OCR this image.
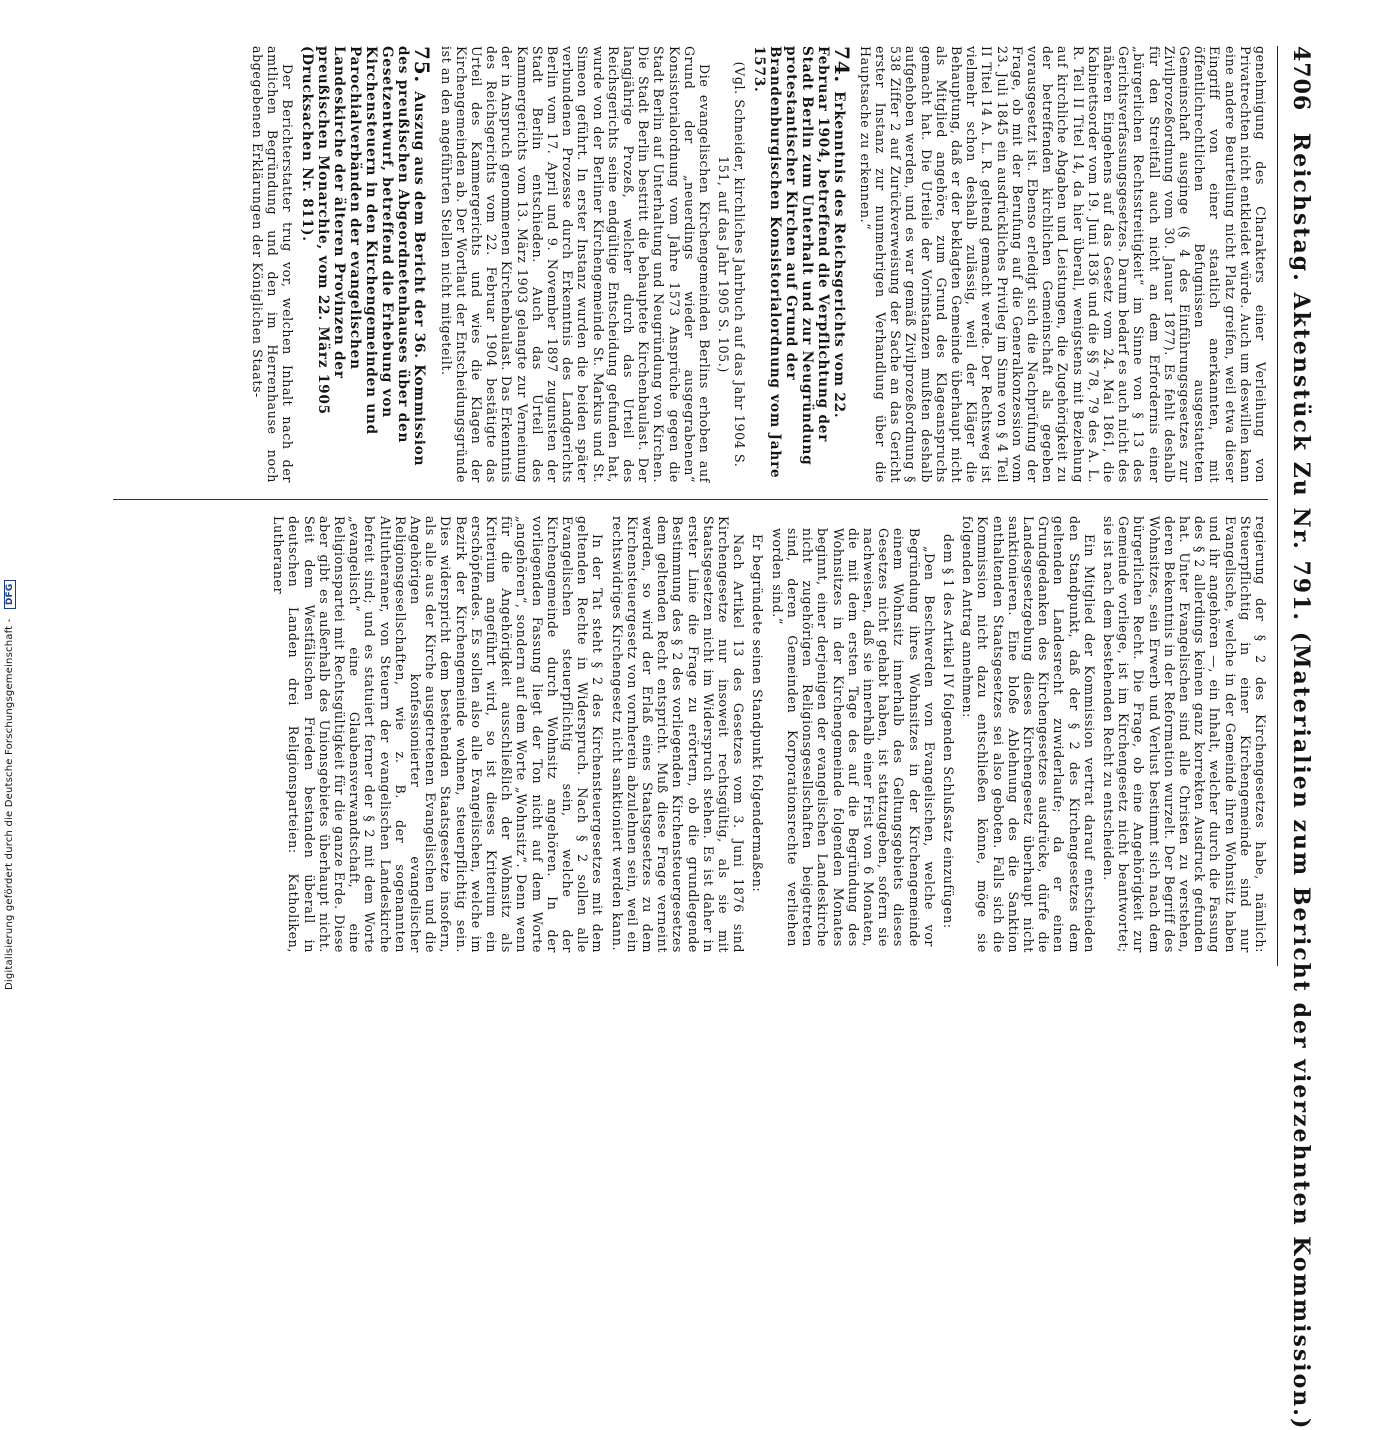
4706 Reichstag. Aktenstück Zu Nr. 791. (Materialien zum Bericht der vierzehnten Kommission.)

genehmigung des Charakters einer Verleihung von Privatrechten nicht entkleidet würde. Auch um deswillen kann eine andere Beurteilung nicht Platz greifen, weil etwa dieser Eingriff von einer staatlich anerkannten, mit öffentlichrechtlichen Befugnissen ausgestatteten Gemeinschaft ausginge (§ 4 des Einführungsgesetzes zur Zivilprozeßordnung vom 30. Januar 1877). Es fehlt deshalb für den Streitfall auch nicht an dem Erfordernis einer „bürgerlichen Rechtsstreitigkeit“ im Sinne von § 13 des Gerichtsverfassungsgesetzes. Darum bedarf es auch nicht des näheren Eingehens auf das Gesetz vom 24. Mai 1861, die Kabinettsorder vom 19. Juni 1836 und die §§ 78, 79 des A. L. R. Teil II Titel 14, da hier überall, wenigstens mit Beziehung auf kirchliche Abgaben und Leistungen, die Zugehörigkeit zu der betreffenden kirchlichen Gemeinschaft als gegeben vorausgesetzt ist. Ebenso erledigt sich die Nachprüfung der Frage, ob mit der Berufung auf die Generalkonzession vom 23. Juli 1845 ein ausdrückliches Privileg im Sinne von § 4 Teil II Titel 14 A. L. R. geltend gemacht werde. Der Rechtsweg ist vielmehr schon deshalb zulässig, weil der Kläger die Behauptung, daß er der beklagten Gemeinde überhaupt nicht als Mitglied angehöre, zum Grund des Klageanspruchs gemacht hat. Die Urteile der Vorinstanzen mußten deshalb aufgehoben werden, und es war gemäß Zivilprozeßordnung § 538 Ziffer 2 auf Zurückverweisung der Sache an das Gericht erster Instanz zur nunmehrigen Verhandlung über die Hauptsache zu erkennen.“

74.Erkenntnis des Reichsgerichts vom 22. Februar 1904, betreffend die Verpflichtung der Stadt Berlin zum Unterhalt und zur Neugründung protestantischer Kirchen auf Grund der Brandenburgischen Konsistorialordnung vom Jahre 1573.

(Vgl. Schneider, kirchliches Jahrbuch auf das Jahr 1904 S. 151, auf das Jahr 1905 S. 105.)

Die evangelischen Kirchengemeinden Berlins erhoben auf Grund der „neuerdings wieder ausgegrabenen“ Konsistorialordnung vom Jahre 1573 Ansprüche gegen die Stadt Berlin auf Unterhaltung und Neugründung von Kirchen. Die Stadt Berlin bestritt die behauptete Kirchenbaulast. Der langjährige Prozeß, welcher durch das Urteil des Reichsgerichts seine endgültige Entscheidung gefunden hat, wurde von der Berliner Kirchengemeinde St. Markus und St. Simeon geführt. In erster Instanz wurden die beiden später verbundenen Prozesse durch Erkenntnis des Landgerichts Berlin vom 17. April und 9. November 1897 zugunsten der Stadt Berlin entschieden. Auch das Urteil des Kammergerichts vom 13. März 1903 gelangte zur Verneinung der in Anspruch genommenen Kirchenbaulast. Das Erkenntnis des Reichsgerichts vom 22. Februar 1904 bestätigte das Urteil des Kammergerichts und wies die Klagen der Kirchengemeinden ab. Der Wortlaut der Entscheidungsgründe ist an den angeführten Stellen nicht mitgeteilt.

75.Auszug aus dem Bericht der 36. Kommission des preußischen Abgeordnetenhauses über den Gesetzentwurf, betreffend die Erhebung von Kirchensteuern in den Kirchengemeinden und Parochialverbänden der evangelischen Landeskirche der älteren Provinzen der preußischen Monarchie, vom 22. März 1905 (Drucksachen Nr. 811).

Der Berichterstatter trug vor, welchen Inhalt nach der amtlichen Begründung und den im Herrenhause noch abgegebenen Erklärungen der Königlichen Staats-

regierung der § 2 des Kirchengesetzes habe, nämlich: Steuerpflichtig in einer Kirchengemeinde sind nur Evangelische, welche in der Gemeinde ihren Wohnsitz haben und ihr angehören —, ein Inhalt, welcher durch die Fassung des § 2 allerdings keinen ganz korrekten Ausdruck gefunden hat. Unter Evangelischen sind alle Christen zu verstehen, deren Bekenntnis in der Reformation wurzelt. Der Begriff des Wohnsitzes, sein Erwerb und Verlust bestimmt sich nach dem bürgerlichen Recht. Die Frage, ob eine Angehörigkeit zur Gemeinde vorliege, ist im Kirchengesetz nicht beantwortet; sie ist nach dem bestehenden Recht zu entscheiden.

Ein Mitglied der Kommission vertrat darauf entschieden den Standpunkt, daß der § 2 des Kirchengesetzes dem geltenden Landesrecht zuwiderlaufe; da er einen Grundgedanken des Kirchengesetzes ausdrücke, dürfe die Landesgesetzgebung dieses Kirchengesetz überhaupt nicht sanktionieren. Eine bloße Ablehnung des die Sanktion enthaltenden Staatsgesetzes sei also geboten. Falls sich die Kommission nicht dazu entschließen könne, möge sie folgenden Antrag annehmen:

dem § 1 des Artikel IV folgenden Schlußsatz einzufügen:

„Den Beschwerden von Evangelischen, welche vor Begründung ihres Wohnsitzes in der Kirchengemeinde einem Wohnsitz innerhalb des Geltungsgebiets dieses Gesetzes nicht gehabt haben, ist stattzugeben, sofern sie nachweisen, daß sie innerhalb einer Frist von 6 Monaten, die mit dem ersten Tage des auf die Begründung des Wohnsitzes in der Kirchengemeinde folgenden Monates beginnt, einer derjenigen der evangelischen Landeskirche nicht zugehörigen Religionsgesellschaften beigetreten sind, deren Gemeinden Korporationsrechte verliehen worden sind.“

Er begründete seinen Standpunkt folgendermaßen:

Nach Artikel 13 des Gesetzes vom 3. Juni 1876 sind Kirchengesetze nur insoweit rechtsgültig, als sie mit Staatsgesetzen nicht im Widerspruch stehen. Es ist daher in erster Linie die Frage zu erörtern, ob die grundlegende Bestimmung des § 2 des vorliegenden Kirchensteuergesetzes dem geltenden Recht entspricht. Muß diese Frage verneint werden, so wird der Erlaß eines Staatsgesetzes zu dem Kirchensteuergesetz von vornherein abzulehnen sein, weil ein rechtswidriges Kirchengesetz nicht sanktioniert werden kann.

In der Tat steht § 2 des Kirchensteuergesetzes mit dem geltenden Rechte in Widerspruch. Nach § 2 sollen alle Evangelischen steuerpflichtig sein, welche der Kirchengemeinde durch Wohnsitz angehören. In der vorliegenden Fassung liegt der Ton nicht auf dem Worte „angehören“, sondern auf dem Worte „Wohnsitz“. Denn wenn für die Angehörigkeit ausschließlich der Wohnsitz als Kriterium angeführt wird, so ist dieses Kriterium ein erschöpfendes. Es sollen also alle Evangelischen, welche im Bezirk der Kirchengemeinde wohnen, steuerpflichtig sein. Dies widerspricht dem bestehenden Staatsgesetze insofern, als alle aus der Kirche ausgetretenen Evangelischen und die Angehörigen konfessionierter evangelischer Religionsgesellschaften, wie z. B. der sogenannten Altlutheraner, von Steuern der evangelischen Landeskirche befreit sind; und es statuiert ferner der § 2 mit dem Worte „evangelisch“ eine Glaubensverwandtschaft, eine Religionspartei mit Rechtsgültigkeit für die ganze Erde. Diese aber gibt es außerhalb des Unionsgebietes überhaupt nicht. Seit dem Westfälischen Frieden bestanden überall in deutschen Landen drei Religionsparteien: Katholiken, Lutheraner

Digitalisierung gefördert durch die Deutsche Forschungsgemeinschaft - DFG
